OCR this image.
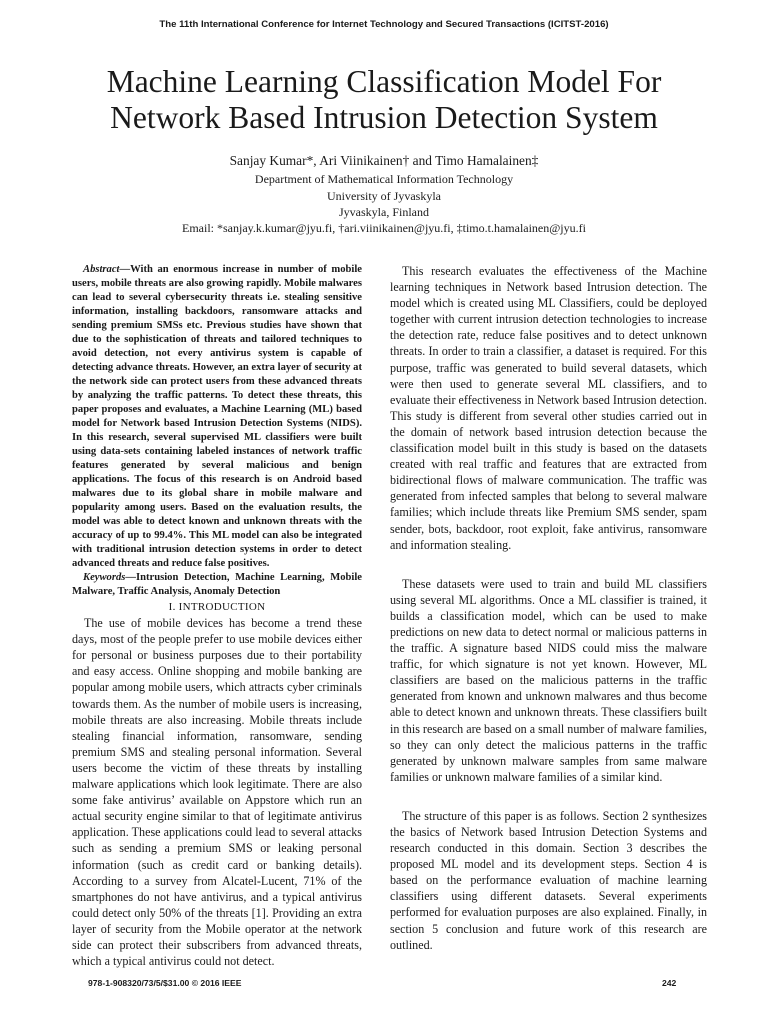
The 11th International Conference for Internet Technology and Secured Transactions (ICITST-2016)
Machine Learning Classification Model For
Network Based Intrusion Detection System
Sanjay Kumar*, Ari Viinikainen† and Timo Hamalainen‡
Department of Mathematical Information Technology
University of Jyvaskyla
Jyvaskyla, Finland
Email: *sanjay.k.kumar@jyu.fi, †ari.viinikainen@jyu.fi, ‡timo.t.hamalainen@jyu.fi

Abstract—With an enormous increase in number of mobile users, mobile threats are also growing rapidly. Mobile malwares can lead to several cybersecurity threats i.e. stealing sensitive information, installing backdoors, ransomware attacks and sending premium SMSs etc. Previous studies have shown that due to the sophistication of threats and tailored techniques to avoid detection, not every antivirus system is capable of detecting advance threats. However, an extra layer of security at the network side can protect users from these advanced threats by analyzing the traffic patterns. To detect these threats, this paper proposes and evaluates, a Machine Learning (ML) based model for Network based Intrusion Detection Systems (NIDS). In this research, several supervised ML classifiers were built using data-sets containing labeled instances of network traffic features generated by several malicious and benign applications. The focus of this research is on Android based malwares due to its global share in mobile malware and popularity among users. Based on the evaluation results, the model was able to detect known and unknown threats with the accuracy of up to 99.4%. This ML model can also be integrated with traditional intrusion detection systems in order to detect advanced threats and reduce false positives.

Keywords—Intrusion Detection, Machine Learning, Mobile Malware, Traffic Analysis, Anomaly Detection

I. INTRODUCTION

The use of mobile devices has become a trend these days, most of the people prefer to use mobile devices either for personal or business purposes due to their portability and easy access. Online shopping and mobile banking are popular among mobile users, which attracts cyber criminals towards them. As the number of mobile users is increasing, mobile threats are also increasing. Mobile threats include stealing financial information, ransomware, sending premium SMS and stealing personal information. Several users become the victim of these threats by installing malware applications which look legitimate. There are also some fake antivirus’ available on Appstore which run an actual security engine similar to that of legitimate antivirus application. These applications could lead to several attacks such as sending a premium SMS or leaking personal information (such as credit card or banking details). According to a survey from Alcatel-Lucent, 71% of the smartphones do not have antivirus, and a typical antivirus could detect only 50% of the threats [1]. Providing an extra layer of security from the Mobile operator at the network side can protect their subscribers from advanced threats, which a typical antivirus could not detect.

This research evaluates the effectiveness of the Machine learning techniques in Network based Intrusion detection. The model which is created using ML Classifiers, could be deployed together with current intrusion detection technologies to increase the detection rate, reduce false positives and to detect unknown threats. In order to train a classifier, a dataset is required. For this purpose, traffic was generated to build several datasets, which were then used to generate several ML classifiers, and to evaluate their effectiveness in Network based Intrusion detection. This study is different from several other studies carried out in the domain of network based intrusion detection because the classification model built in this study is based on the datasets created with real traffic and features that are extracted from bidirectional flows of malware communication. The traffic was generated from infected samples that belong to several malware families; which include threats like Premium SMS sender, spam sender, bots, backdoor, root exploit, fake antivirus, ransomware and information stealing.

These datasets were used to train and build ML classifiers using several ML algorithms. Once a ML classifier is trained, it builds a classification model, which can be used to make predictions on new data to detect normal or malicious patterns in the traffic. A signature based NIDS could miss the malware traffic, for which signature is not yet known. However, ML classifiers are based on the malicious patterns in the traffic generated from known and unknown malwares and thus become able to detect known and unknown threats. These classifiers built in this research are based on a small number of malware families, so they can only detect the malicious patterns in the traffic generated by unknown malware samples from same malware families or unknown malware families of a similar kind.

The structure of this paper is as follows. Section 2 synthesizes the basics of Network based Intrusion Detection Systems and research conducted in this domain. Section 3 describes the proposed ML model and its development steps. Section 4 is based on the performance evaluation of machine learning classifiers using different datasets. Several experiments performed for evaluation purposes are also explained. Finally, in section 5 conclusion and future work of this research are outlined.

978-1-908320/73/5/$31.00 © 2016 IEEE	242
